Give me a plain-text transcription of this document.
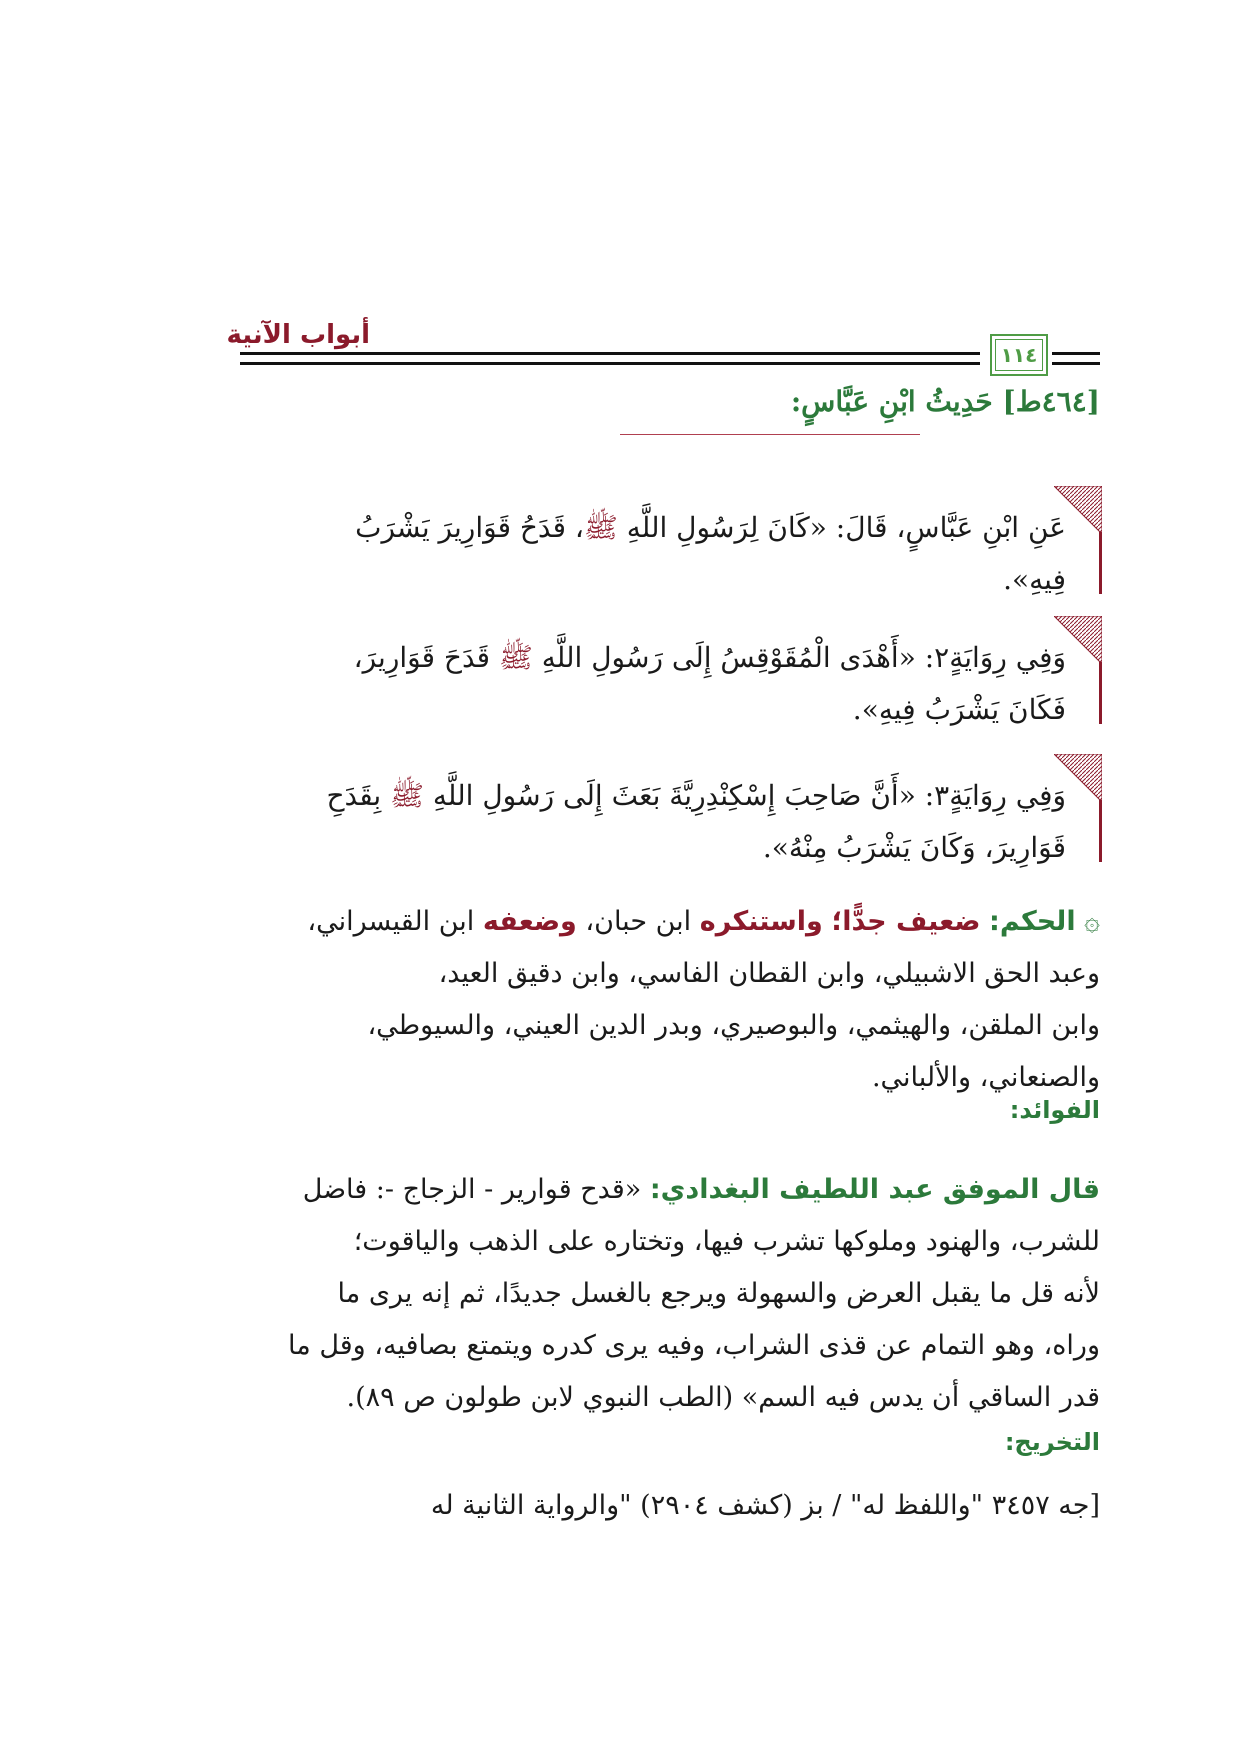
أبواب الآنية
١١٤
[٤٦٤ط] حَدِيثُ ابْنِ عَبَّاسٍ:
عَنِ ابْنِ عَبَّاسٍ، قَالَ: «كَانَ لِرَسُولِ اللَّهِ ﷺ، قَدَحُ قَوَارِيرَ يَشْرَبُ
فِيهِ».
وَفِي رِوَايَةٍ٢: «أَهْدَى الْمُقَوْقِسُ إِلَى رَسُولِ اللَّهِ ﷺ قَدَحَ قَوَارِيرَ،
فَكَانَ يَشْرَبُ فِيهِ».
وَفِي رِوَايَةٍ٣: «أَنَّ صَاحِبَ إِسْكِنْدِرِيَّةَ بَعَثَ إِلَى رَسُولِ اللَّهِ ﷺ بِقَدَحِ
قَوَارِيرَ، وَكَانَ يَشْرَبُ مِنْهُ».
۞ الحكم: ضعيف جدًّا؛ واستنكره ابن حبان، وضعفه ابن القيسراني،
وعبد الحق الاشبيلي، وابن القطان الفاسي، وابن دقيق العيد،
وابن الملقن، والهيثمي، والبوصيري، وبدر الدين العيني، والسيوطي،
والصنعاني، والألباني.
الفوائد:
قال الموفق عبد اللطيف البغدادي: «قدح قوارير - الزجاج -: فاضل
للشرب، والهنود وملوكها تشرب فيها، وتختاره على الذهب والياقوت؛
لأنه قل ما يقبل العرض والسهولة ويرجع بالغسل جديدًا، ثم إنه يرى ما
وراه، وهو التمام عن قذى الشراب، وفيه يرى كدره ويتمتع بصافيه، وقل ما
قدر الساقي أن يدس فيه السم» (الطب النبوي لابن طولون ص ٨٩).
التخريج:
[جه ٣٤٥٧ "واللفظ له" / بز (كشف ٢٩٠٤) "والرواية الثانية له
